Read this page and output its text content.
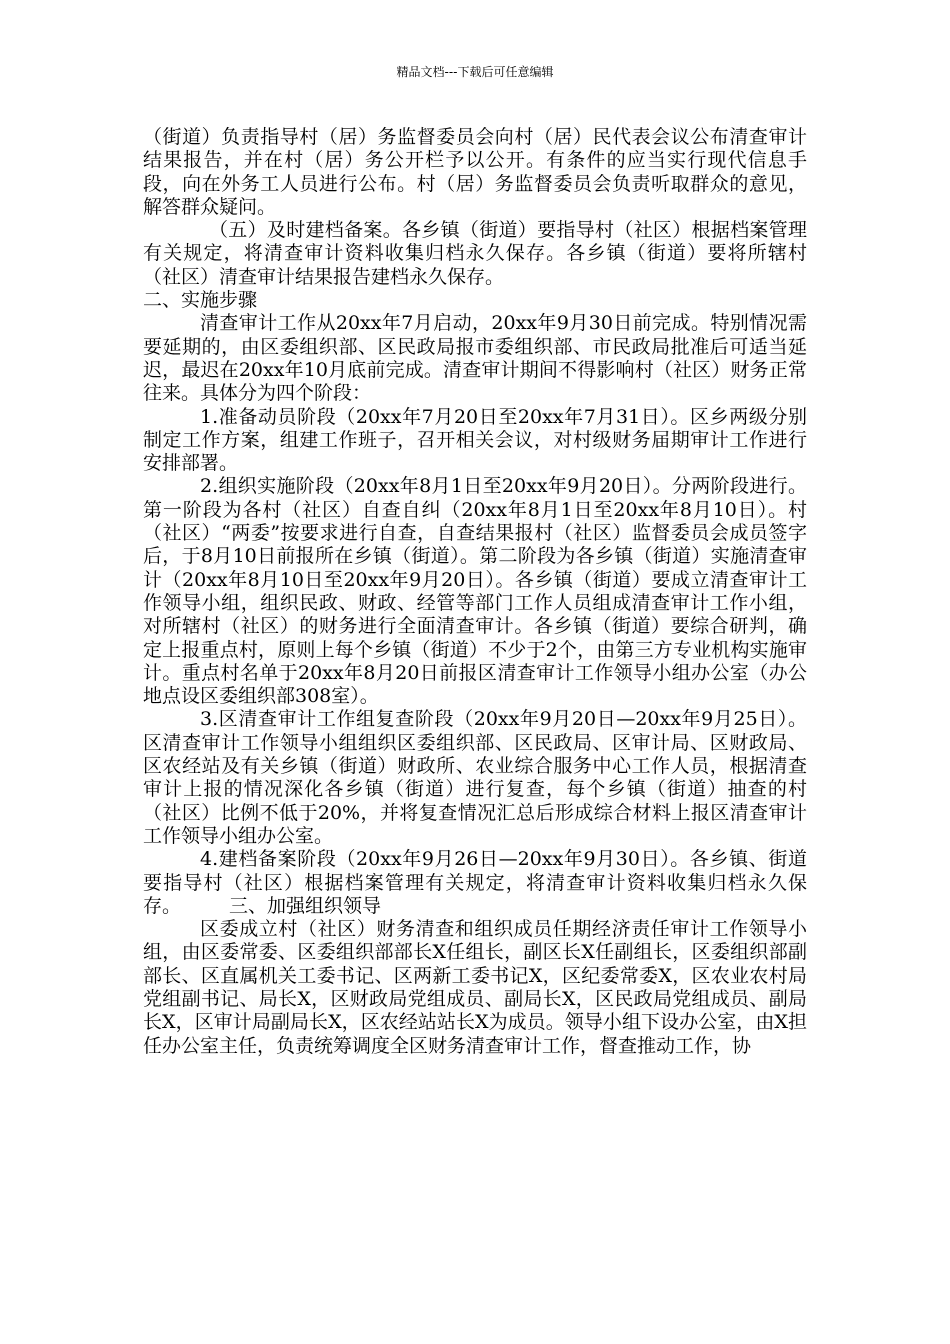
精品文档---下载后可任意编辑

（街道）负责指导村（居）务监督委员会向村（居）民代表会议公布清查审计结果报告，并在村（居）务公开栏予以公开。有条件的应当实行现代信息手段，向在外务工人员进行公布。村（居）务监督委员会负责听取群众的意见，解答群众疑问。

（五）及时建档备案。各乡镇（街道）要指导村（社区）根据档案管理有关规定，将清查审计资料收集归档永久保存。各乡镇（街道）要将所辖村（社区）清查审计结果报告建档永久保存。

二、实施步骤

清查审计工作从20xx年7月启动，20xx年9月30日前完成。特别情况需要延期的，由区委组织部、区民政局报市委组织部、市民政局批准后可适当延迟，最迟在20xx年10月底前完成。清查审计期间不得影响村（社区）财务正常往来。具体分为四个阶段：

1.准备动员阶段（20xx年7月20日至20xx年7月31日）。区乡两级分别制定工作方案，组建工作班子，召开相关会议，对村级财务届期审计工作进行安排部署。

2.组织实施阶段（20xx年8月1日至20xx年9月20日）。分两阶段进行。第一阶段为各村（社区）自查自纠（20xx年8月1日至20xx年8月10日）。村（社区）“两委”按要求进行自查，自查结果报村（社区）监督委员会成员签字后，于8月10日前报所在乡镇（街道）。第二阶段为各乡镇（街道）实施清查审计（20xx年8月10日至20xx年9月20日）。各乡镇（街道）要成立清查审计工作领导小组，组织民政、财政、经管等部门工作人员组成清查审计工作小组，对所辖村（社区）的财务进行全面清查审计。各乡镇（街道）要综合研判，确定上报重点村，原则上每个乡镇（街道）不少于2个，由第三方专业机构实施审计。重点村名单于20xx年8月20日前报区清查审计工作领导小组办公室（办公地点设区委组织部308室）。

3.区清查审计工作组复查阶段（20xx年9月20日—20xx年9月25日）。区清查审计工作领导小组组织区委组织部、区民政局、区审计局、区财政局、区农经站及有关乡镇（街道）财政所、农业综合服务中心工作人员，根据清查审计上报的情况深化各乡镇（街道）进行复查，每个乡镇（街道）抽查的村（社区）比例不低于20%，并将复查情况汇总后形成综合材料上报区清查审计工作领导小组办公室。

4.建档备案阶段（20xx年9月26日—20xx年9月30日）。各乡镇、街道要指导村（社区）根据档案管理有关规定，将清查审计资料收集归档永久保存。	三、加强组织领导

区委成立村（社区）财务清查和组织成员任期经济责任审计工作领导小组，由区委常委、区委组织部部长X任组长，副区长X任副组长，区委组织部副部长、区直属机关工委书记、区两新工委书记X，区纪委常委X，区农业农村局党组副书记、局长X，区财政局党组成员、副局长X，区民政局党组成员、副局长X，区审计局副局长X，区农经站站长X为成员。领导小组下设办公室，由X担任办公室主任，负责统筹调度全区财务清查审计工作，督查推动工作，协
